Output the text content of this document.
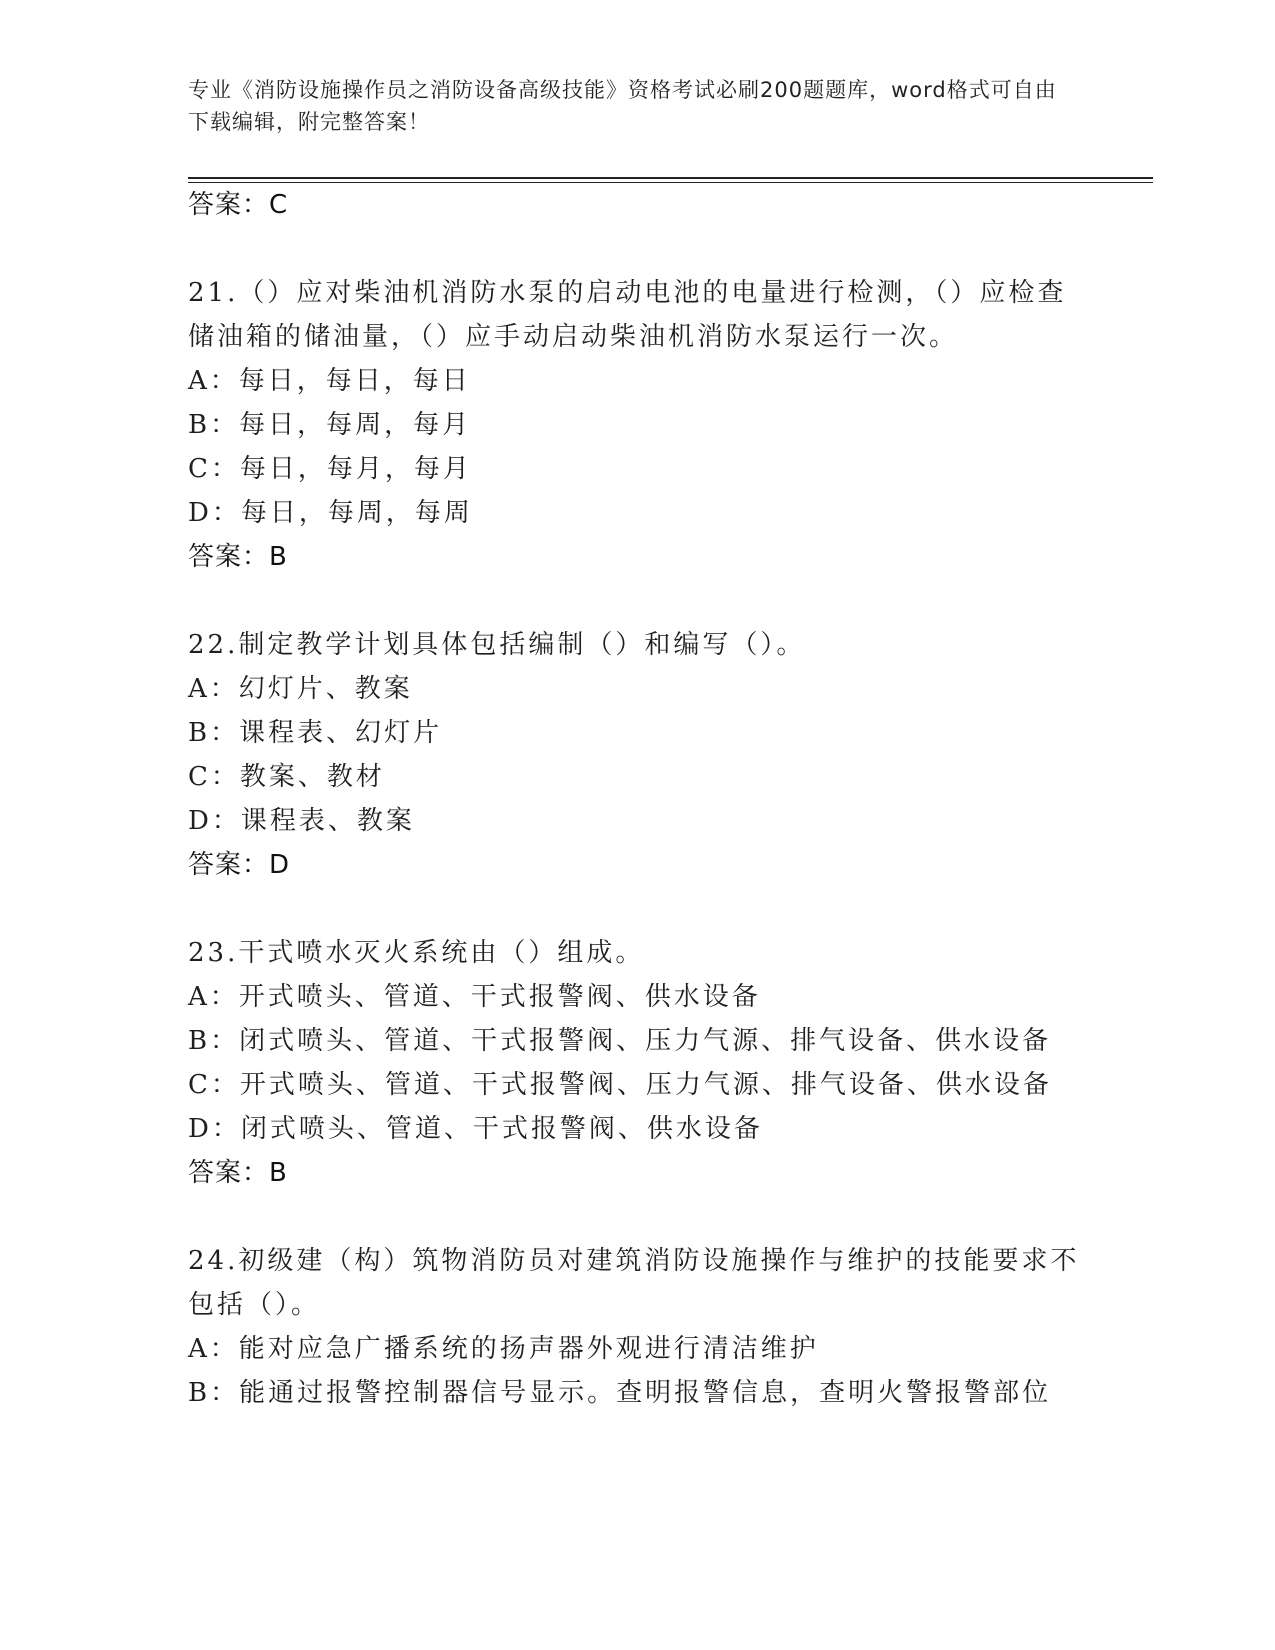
专业《消防设施操作员之消防设备高级技能》资格考试必刷200题题库，word格式可自由下载编辑，附完整答案！
答案：C
21.（）应对柴油机消防水泵的启动电池的电量进行检测，（）应检查
储油箱的储油量，（）应手动启动柴油机消防水泵运行一次。
A：每日，每日，每日
B：每日，每周，每月
C：每日，每月，每月
D：每日，每周，每周
答案：B
22.制定教学计划具体包括编制（）和编写（）。
A：幻灯片、教案
B：课程表、幻灯片
C：教案、教材
D：课程表、教案
答案：D
23.干式喷水灭火系统由（）组成。
A：开式喷头、管道、干式报警阀、供水设备
B：闭式喷头、管道、干式报警阀、压力气源、排气设备、供水设备
C：开式喷头、管道、干式报警阀、压力气源、排气设备、供水设备
D：闭式喷头、管道、干式报警阀、供水设备
答案：B
24.初级建（构）筑物消防员对建筑消防设施操作与维护的技能要求不
包括（）。
A：能对应急广播系统的扬声器外观进行清洁维护
B：能通过报警控制器信号显示。查明报警信息，查明火警报警部位
